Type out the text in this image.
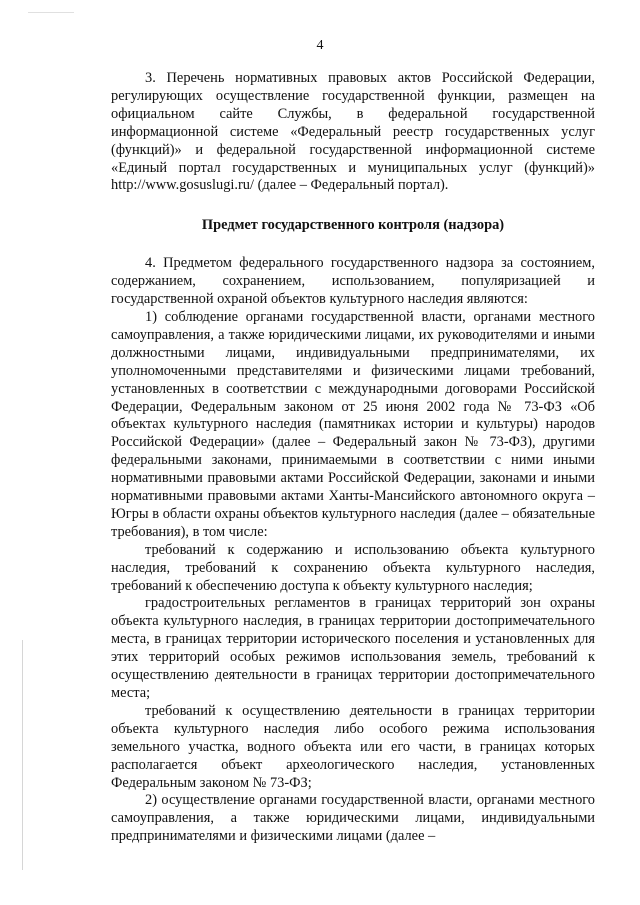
4

3. Перечень нормативных правовых актов Российской Федерации, регулирующих осуществление государственной функции, размещен на официальном сайте Службы, в федеральной государственной информационной системе «Федеральный реестр государственных услуг (функций)» и федеральной государственной информационной системе «Единый портал государственных и муниципальных услуг (функций)» http://www.gosuslugi.ru/ (далее – Федеральный портал).

Предмет государственного контроля (надзора)

4. Предметом федерального государственного надзора за состоянием, содержанием, сохранением, использованием, популяризацией и государственной охраной объектов культурного наследия являются:

1) соблюдение органами государственной власти, органами местного самоуправления, а также юридическими лицами, их руководителями и иными должностными лицами, индивидуальными предпринимателями, их уполномоченными представителями и физическими лицами требований, установленных в соответствии с международными договорами Российской Федерации, Федеральным законом от 25 июня 2002 года № 73-ФЗ «Об объектах культурного наследия (памятниках истории и культуры) народов Российской Федерации» (далее – Федеральный закон № 73-ФЗ), другими федеральными законами, принимаемыми в соответствии с ними иными нормативными правовыми актами Российской Федерации, законами и иными нормативными правовыми актами Ханты-Мансийского автономного округа – Югры в области охраны объектов культурного наследия (далее – обязательные требования), в том числе:

требований к содержанию и использованию объекта культурного наследия, требований к сохранению объекта культурного наследия, требований к обеспечению доступа к объекту культурного наследия;

градостроительных регламентов в границах территорий зон охраны объекта культурного наследия, в границах территории достопримечательного места, в границах территории исторического поселения и установленных для этих территорий особых режимов использования земель, требований к осуществлению деятельности в границах территории достопримечательного места;

требований к осуществлению деятельности в границах территории объекта культурного наследия либо особого режима использования земельного участка, водного объекта или его части, в границах которых располагается объект археологического наследия, установленных Федеральным законом № 73-ФЗ;

2) осуществление органами государственной власти, органами местного самоуправления, а также юридическими лицами, индивидуальными предпринимателями и физическими лицами (далее –
